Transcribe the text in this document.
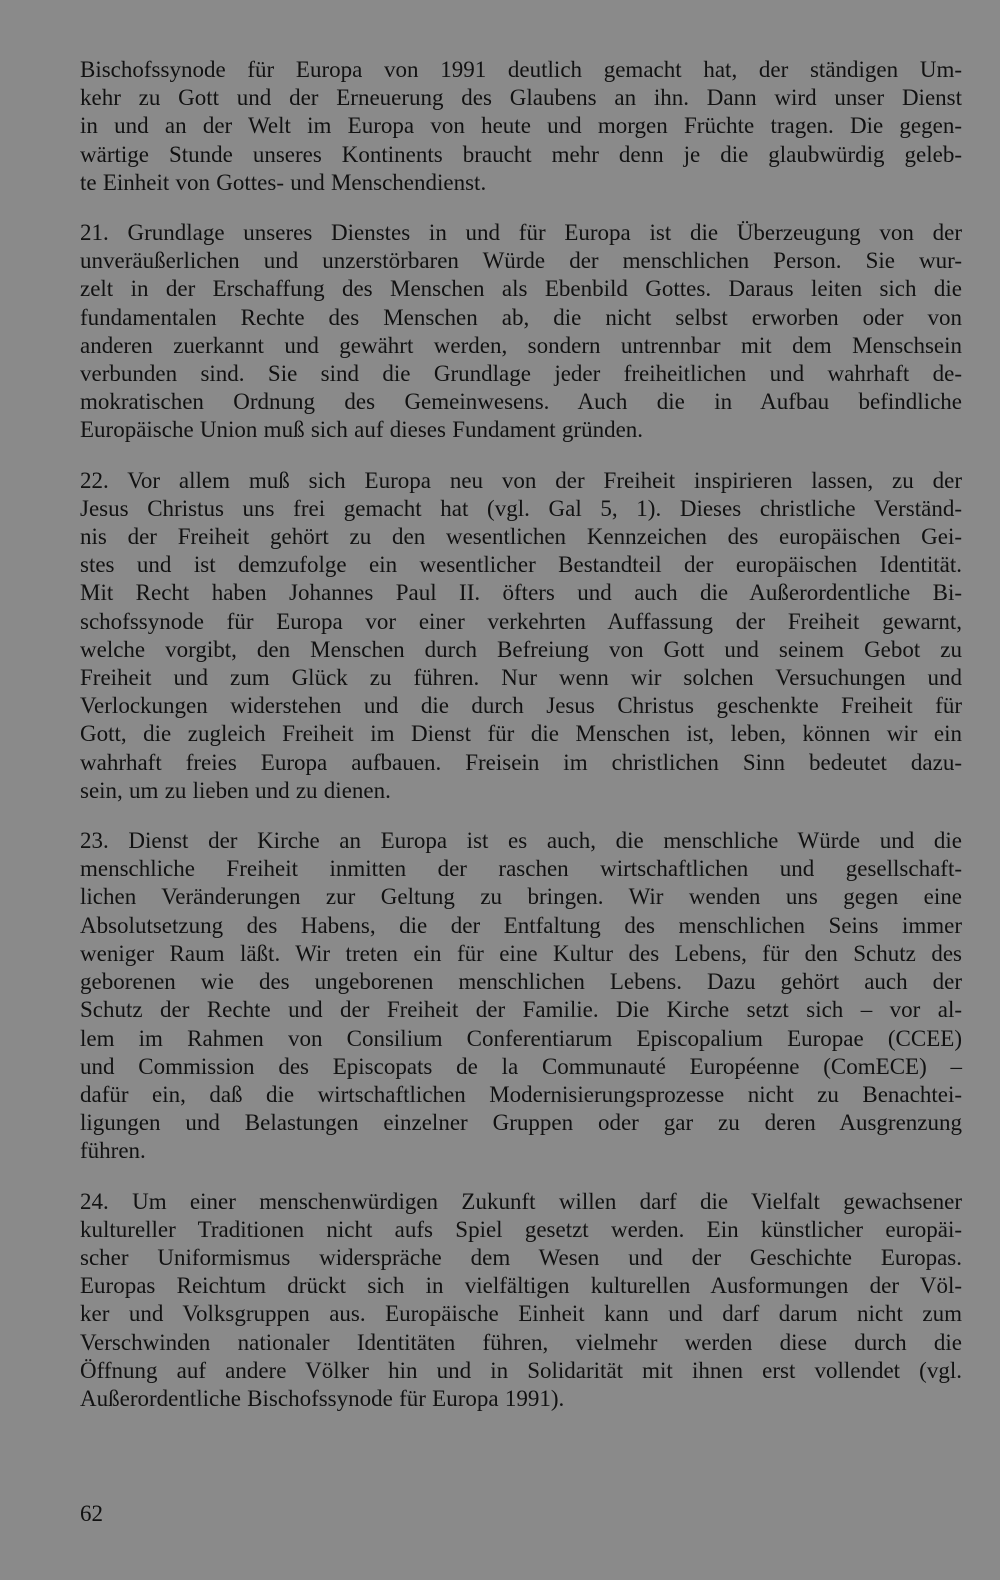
Bischofssynode für Europa von 1991 deutlich gemacht hat, der ständigen Um-
kehr zu Gott und der Erneuerung des Glaubens an ihn. Dann wird unser Dienst
in und an der Welt im Europa von heute und morgen Früchte tragen. Die gegen-
wärtige Stunde unseres Kontinents braucht mehr denn je die glaubwürdig geleb-
te Einheit von Gottes- und Menschendienst.

21. Grundlage unseres Dienstes in und für Europa ist die Überzeugung von der
unveräußerlichen und unzerstörbaren Würde der menschlichen Person. Sie wur-
zelt in der Erschaffung des Menschen als Ebenbild Gottes. Daraus leiten sich die
fundamentalen Rechte des Menschen ab, die nicht selbst erworben oder von
anderen zuerkannt und gewährt werden, sondern untrennbar mit dem Menschsein
verbunden sind. Sie sind die Grundlage jeder freiheitlichen und wahrhaft de-
mokratischen Ordnung des Gemeinwesens. Auch die in Aufbau befindliche
Europäische Union muß sich auf dieses Fundament gründen.

22. Vor allem muß sich Europa neu von der Freiheit inspirieren lassen, zu der
Jesus Christus uns frei gemacht hat (vgl. Gal 5, 1). Dieses christliche Verständ-
nis der Freiheit gehört zu den wesentlichen Kennzeichen des europäischen Gei-
stes und ist demzufolge ein wesentlicher Bestandteil der europäischen Identität.
Mit Recht haben Johannes Paul II. öfters und auch die Außerordentliche Bi-
schofssynode für Europa vor einer verkehrten Auffassung der Freiheit gewarnt,
welche vorgibt, den Menschen durch Befreiung von Gott und seinem Gebot zu
Freiheit und zum Glück zu führen. Nur wenn wir solchen Versuchungen und
Verlockungen widerstehen und die durch Jesus Christus geschenkte Freiheit für
Gott, die zugleich Freiheit im Dienst für die Menschen ist, leben, können wir ein
wahrhaft freies Europa aufbauen. Freisein im christlichen Sinn bedeutet dazu-
sein, um zu lieben und zu dienen.

23. Dienst der Kirche an Europa ist es auch, die menschliche Würde und die
menschliche Freiheit inmitten der raschen wirtschaftlichen und gesellschaft-
lichen Veränderungen zur Geltung zu bringen. Wir wenden uns gegen eine
Absolutsetzung des Habens, die der Entfaltung des menschlichen Seins immer
weniger Raum läßt. Wir treten ein für eine Kultur des Lebens, für den Schutz des
geborenen wie des ungeborenen menschlichen Lebens. Dazu gehört auch der
Schutz der Rechte und der Freiheit der Familie. Die Kirche setzt sich – vor al-
lem im Rahmen von Consilium Conferentiarum Episcopalium Europae (CCEE)
und Commission des Episcopats de la Communauté Européenne (ComECE) –
dafür ein, daß die wirtschaftlichen Modernisierungsprozesse nicht zu Benachtei-
ligungen und Belastungen einzelner Gruppen oder gar zu deren Ausgrenzung
führen.

24. Um einer menschenwürdigen Zukunft willen darf die Vielfalt gewachsener
kultureller Traditionen nicht aufs Spiel gesetzt werden. Ein künstlicher europäi-
scher Uniformismus widerspräche dem Wesen und der Geschichte Europas.
Europas Reichtum drückt sich in vielfältigen kulturellen Ausformungen der Völ-
ker und Volksgruppen aus. Europäische Einheit kann und darf darum nicht zum
Verschwinden nationaler Identitäten führen, vielmehr werden diese durch die
Öffnung auf andere Völker hin und in Solidarität mit ihnen erst vollendet (vgl.
Außerordentliche Bischofssynode für Europa 1991).

62
